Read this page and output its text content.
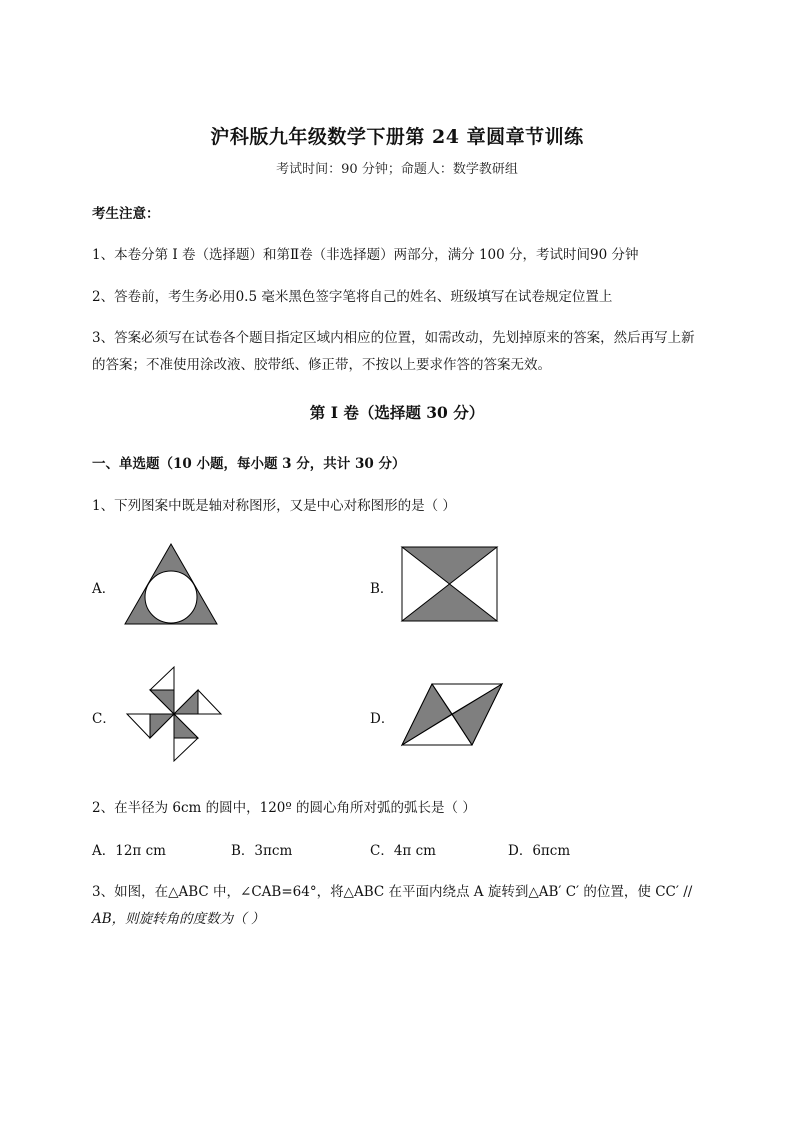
沪科版九年级数学下册第 24 章圆章节训练
考试时间：90 分钟；命题人：数学教研组
考生注意：
1、本卷分第 I 卷（选择题）和第Ⅱ卷（非选择题）两部分，满分 100 分，考试时间90 分钟
2、答卷前，考生务必用0.5 毫米黑色签字笔将自己的姓名、班级填写在试卷规定位置上
3、答案必须写在试卷各个题目指定区域内相应的位置，如需改动，先划掉原来的答案，然后再写上新
的答案；不准使用涂改液、胶带纸、修正带，不按以上要求作答的答案无效。
第 I 卷（选择题 30 分）
一、单选题（10 小题，每小题 3 分，共计 30 分）
1、下列图案中既是轴对称图形，又是中心对称图形的是（ ）
A．	B．
C．	D．
2、在半径为 6cm 的圆中，120º 的圆心角所对弧的弧长是（ ）
A．12π cm	B．3πcm	C．4π cm	D．6πcm
3、如图，在△ABC 中，∠CAB=64°，将△ABC 在平面内绕点 A 旋转到△AB′ C′ 的位置，使 CC′ //
AB，则旋转角的度数为（ ）
